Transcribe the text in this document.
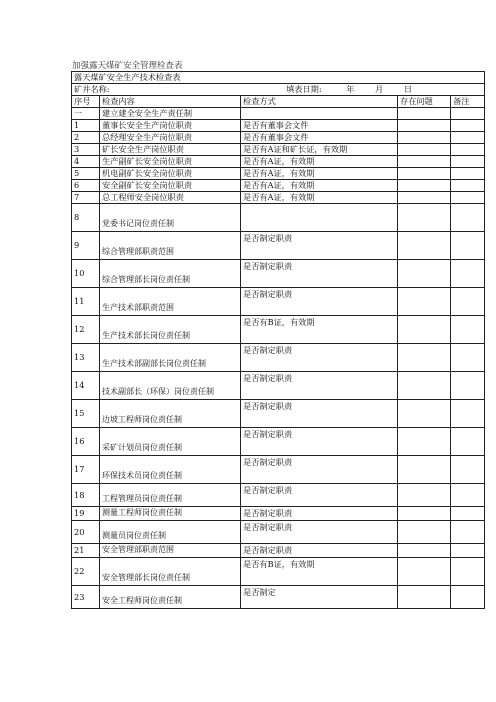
加强露天煤矿安全管理检查表
露天煤矿安全生产技术检查表				

矿井名称: 填表日期: 年 月 日				

序号	检查内容	检查方式	存在问题	备注
一	建立建全安全生产责任制			
1	董事长安全生产岗位职责	是否有董事会文件		
2	总经理安全生产岗位职责	是否有董事会文件		
3	矿长安全生产岗位职责	是否有A证和矿长证，有效期		
4	生产副矿长安全岗位职责	是否有A证，有效期		
5	机电副矿长安全岗位职责	是否有A证，有效期		
6	安全副矿长安全岗位职责	是否有A证，有效期		
7	总工程师安全岗位职责	是否有A证，有效期		
8	党委书记岗位责任制			
9	综合管理部职责范围	是否制定职责		
10	综合管理部长岗位责任制	是否制定职责		
11	生产技术部职责范围	是否制定职责		
12	生产技术部长岗位责任制	是否有B证，有效期		
13	生产技术部副部长岗位责任制	是否制定职责		
14	技术副部长（环保）岗位责任制	是否制定职责		
15	边坡工程师岗位责任制	是否制定职责		
16	采矿计划员岗位责任制	是否制定职责		
17	环保技术员岗位责任制	是否制定职责		
18	工程管理员岗位责任制	是否制定职责		
19	测量工程师岗位责任制	是否制定职责		
20	测量员岗位责任制	是否制定职责		
21	安全管理部职责范围	是否制定职责		
22	安全管理部长岗位责任制	是否有B证，有效期		
23	安全工程师岗位责任制	是否制定		
